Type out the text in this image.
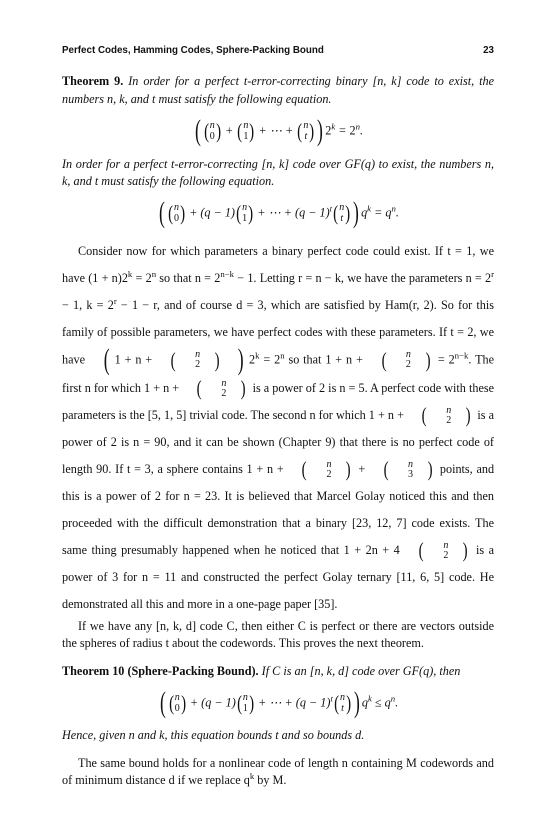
Perfect Codes, Hamming Codes, Sphere-Packing Bound	23

Theorem 9. In order for a perfect t-error-correcting binary [n, k] code to exist, the numbers n, k, and t must satisfy the following equation.

( ( n
0 ) + ( n
1 ) + ⋯ + ( n
t ) ) $2^k = 2^n$.

In order for a perfect t-error-correcting [n, k] code over GF(q) to exist, the numbers n, k, and t must satisfy the following equation.

( ( n
0 ) + (q − 1) ( n
1 ) + ⋯ + $(q - 1)^t$ ( n
t ) ) $q^k = q^n$.

Consider now for which parameters a binary perfect code could exist. If t = 1, we have $(1 + n)2^k = 2^n$ so that $n = 2^{n-k} - 1$. Letting r = n − k, we have the parameters $n = 2^r - 1$, $k = 2^r - 1 - r$, and of course d = 3, which are satisfied by Ham(r, 2). So for this family of possible parameters, we have perfect codes with these parameters. If t = 2, we have ( 1 + n + (	n
2 ) ) $2^k = 2^n$ so that 1 + n + (	n
2 ) = $2^{n-k}$. The first n for which 1 + n + (	n
2 ) is a power of 2 is n = 5. A perfect code with these parameters is the [5, 1, 5] trivial code. The second n for which 1 + n + (	n
2 ) is a power of 2 is n = 90, and it can be shown (Chapter 9) that there is no perfect code of length 90. If t = 3, a sphere contains 1 + n + (	n
2 ) + (	n
3 ) points, and this is a power of 2 for n = 23. It is believed that Marcel Golay noticed this and then proceeded with the difficult demonstration that a binary [23, 12, 7] code exists. The same thing presumably happened when he noticed that 1 + 2n + 4 (	n
2 ) is a power of 3 for n = 11 and constructed the perfect Golay ternary [11, 6, 5] code. He demonstrated all this and more in a one-page paper [35].

If we have any [n, k, d] code C, then either C is perfect or there are vectors outside the spheres of radius t about the codewords. This proves the next theorem.

Theorem 10 (Sphere-Packing Bound). If C is an [n, k, d] code over GF(q), then

( ( n
0 ) + (q − 1) ( n
1 ) + ⋯ + $(q - 1)^t$ ( n
t ) ) $q^k \le q^n$.

Hence, given n and k, this equation bounds t and so bounds d.

The same bound holds for a nonlinear code of length n containing M codewords and of minimum distance d if we replace $q^k$ by M.
